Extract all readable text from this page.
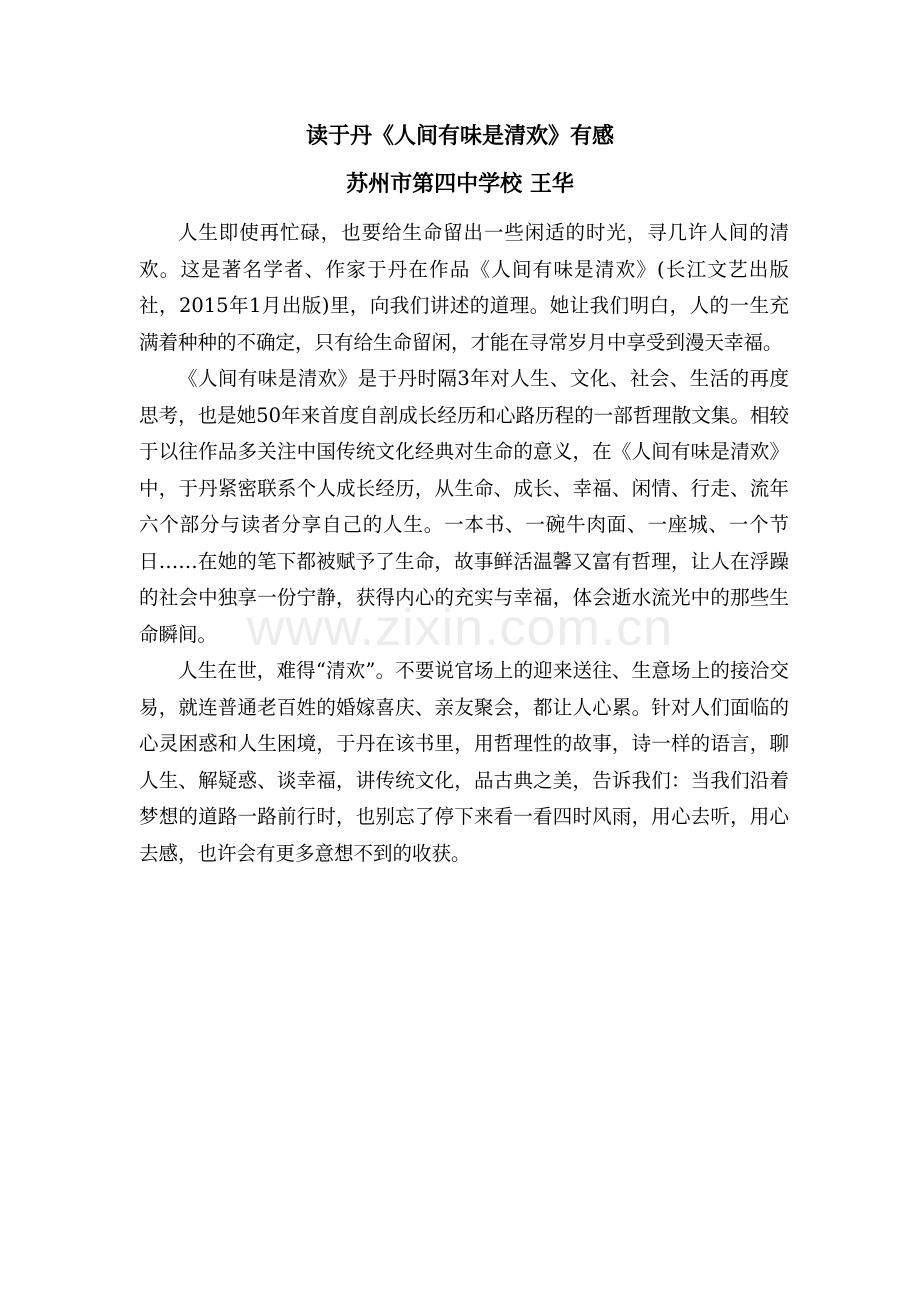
读于丹《人间有味是清欢》有感
苏州市第四中学校 王华

人生即使再忙碌，也要给生命留出一些闲适的时光，寻几许人间的清欢。这是著名学者、作家于丹在作品《人间有味是清欢》(长江文艺出版社，2015年1月出版)里，向我们讲述的道理。她让我们明白，人的一生充满着种种的不确定，只有给生命留闲，才能在寻常岁月中享受到漫天幸福。

《人间有味是清欢》是于丹时隔3年对人生、文化、社会、生活的再度思考，也是她50年来首度自剖成长经历和心路历程的一部哲理散文集。相较于以往作品多关注中国传统文化经典对生命的意义，在《人间有味是清欢》中，于丹紧密联系个人成长经历，从生命、成长、幸福、闲情、行走、流年六个部分与读者分享自己的人生。一本书、一碗牛肉面、一座城、一个节日……在她的笔下都被赋予了生命，故事鲜活温馨又富有哲理，让人在浮躁的社会中独享一份宁静，获得内心的充实与幸福，体会逝水流光中的那些生命瞬间。

人生在世，难得“清欢”。不要说官场上的迎来送往、生意场上的接洽交易，就连普通老百姓的婚嫁喜庆、亲友聚会，都让人心累。针对人们面临的心灵困惑和人生困境，于丹在该书里，用哲理性的故事，诗一样的语言，聊人生、解疑惑、谈幸福，讲传统文化，品古典之美，告诉我们：当我们沿着梦想的道路一路前行时，也别忘了停下来看一看四时风雨，用心去听，用心去感，也许会有更多意想不到的收获。

www.zixin.com.cn
